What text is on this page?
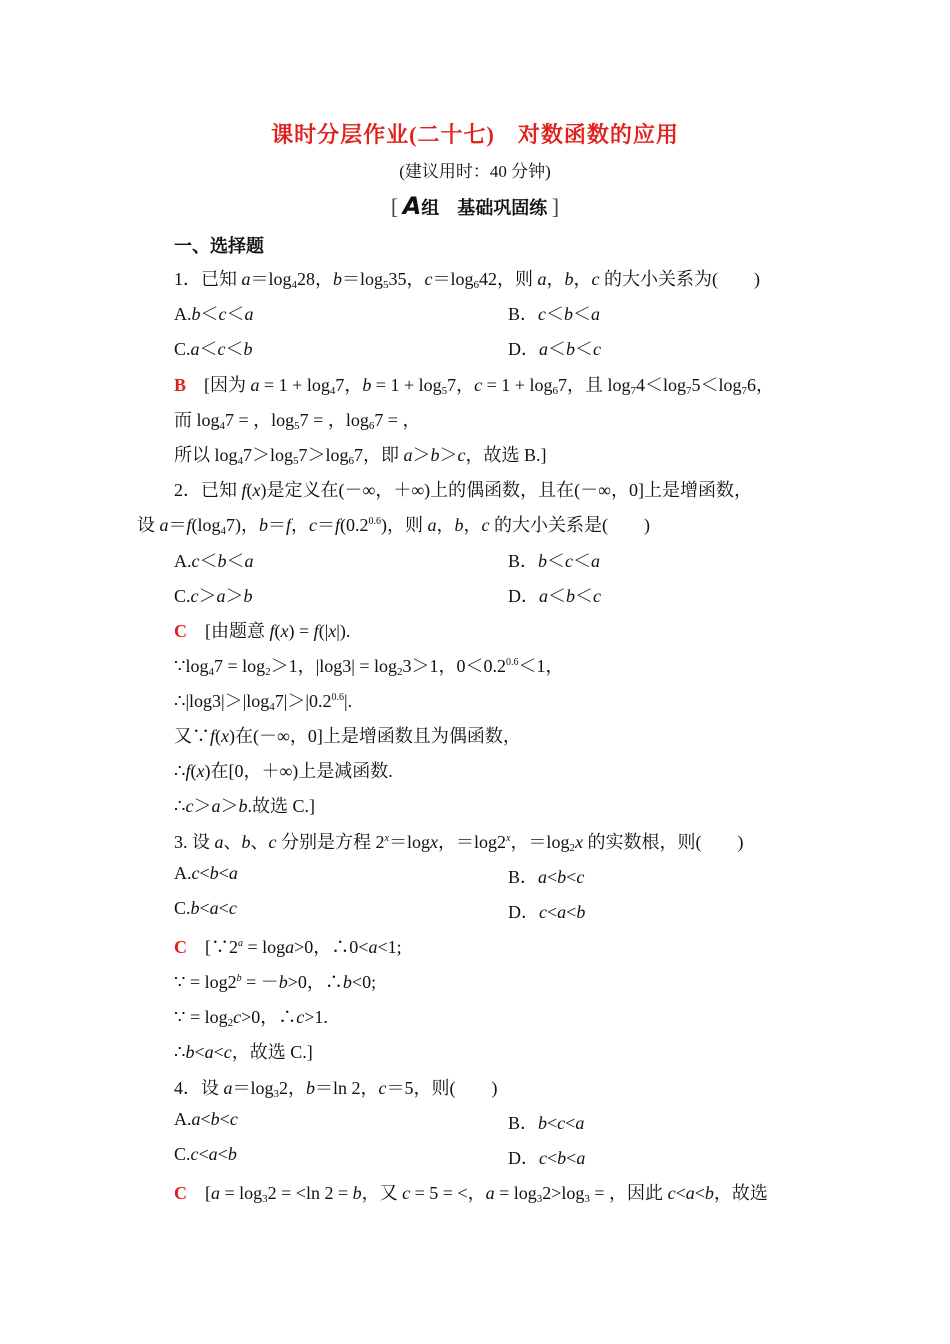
课时分层作业(二十七)　对数函数的应用
(建议用时：40 分钟)
[ A组　基础巩固练 ]
一、选择题
1．已知 $a=\log_428$，$b=\log_535$，$c=\log_642$，则 a，b，c 的大小关系为(　　)
A.b＜c＜a	B．c＜b＜a
C.a＜c＜b	D．a＜b＜c
B　[因为 $a = 1 + \log_47$，$b = 1 + \log_57$，$c = 1 + \log_67$，且 $\log_74<\log_75<\log_76$，
而 $\log_47$ = ，$\log_57$ = ，$\log_67$ = ，
所以 $\log_47>\log_57>\log_67$，即 a＞b＞c，故选 B.]
2．已知 f(x)是定义在(－∞，＋∞)上的偶函数，且在(－∞，0]上是增函数，
设 $a=f(\log_47)$，b＝f，$c=f(0.2^{0.6})$，则 a，b，c 的大小关系是(　　)
A.c＜b＜a	B．b＜c＜a
C.c＞a＞b	D．a＜b＜c
C　[由题意 f(x) = f(|x|).
$\because\log_47 = \log_2>1$，$|\log 3| = \log_23>1$，$0<0.2^{0.6}<1$，
$\therefore|\log 3|>|\log_47|>|0.2^{0.6}|$.
又∵f(x)在(－∞，0]上是增函数且为偶函数，
∴f(x)在[0，＋∞)上是减函数.
∴c＞a＞b.故选 C.]
3. 设 a、b、c 分别是方程 $2^x=\log x$，$=\log 2^x$，$=\log_2x$ 的实数根，则(　　)
A.c<b<a	B．a<b<c
C.b<a<c	D．c<a<b
C　[$\because 2^a = \log a>0$，∴0<a<1;
∵ = $\log 2^b = -b>0$，∴b<0;
∵ = $\log_2c>0$，∴c>1.
∴b<a<c，故选 C.]
4．设 $a=\log_32$，b＝ln 2，c＝5，则(　　)
A.a<b<c	B．b<c<a
C.c<a<b	D．c<b<a
C　[$a = \log_32 = <\ln$ 2 = b，又 c = 5 = <，$a = \log_32>\log_3$ = ，因此 c<a<b，故选
